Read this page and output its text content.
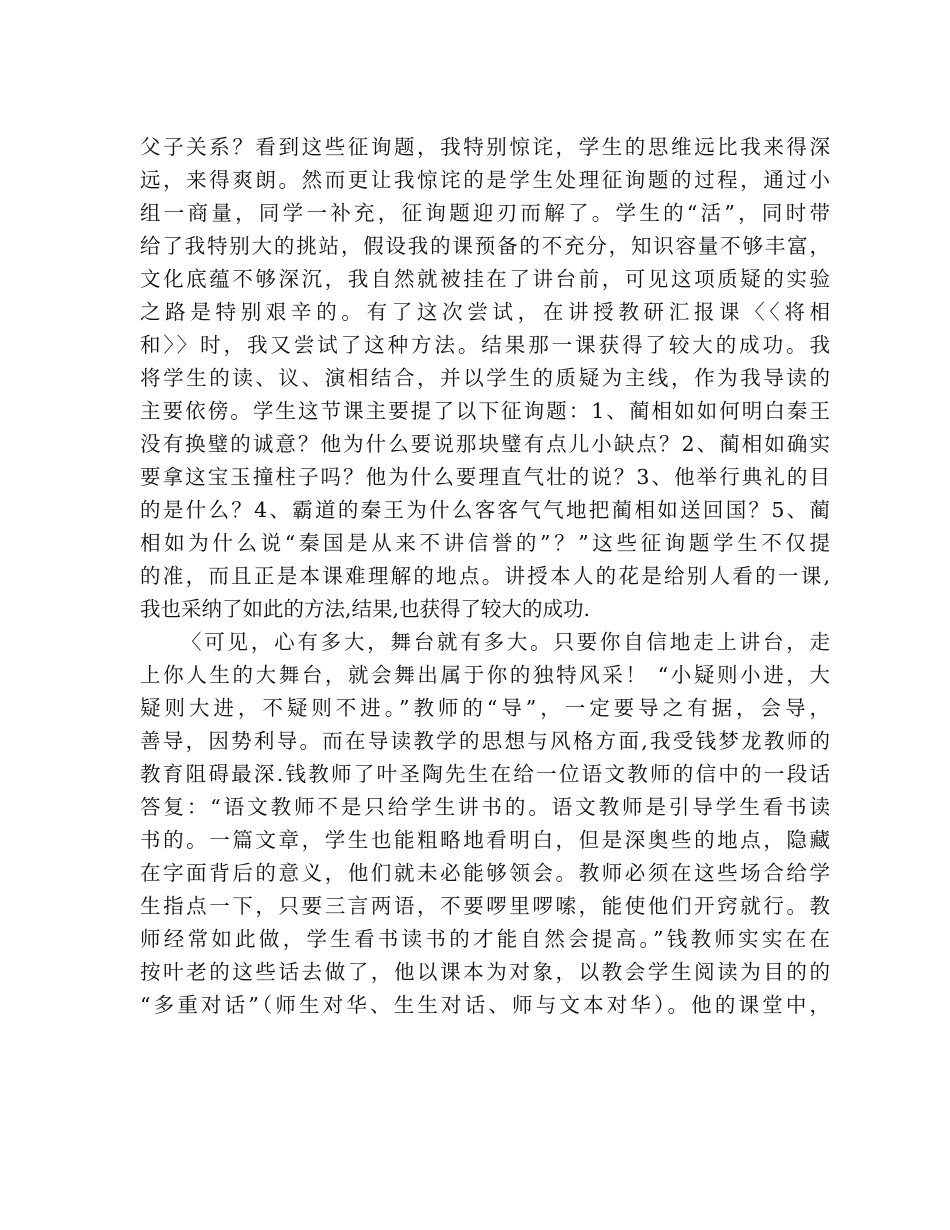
父子关系？看到这些征询题，我特别惊诧，学生的思维远比我来得深
远，来得爽朗。然而更让我惊诧的是学生处理征询题的过程，通过小
组一商量，同学一补充，征询题迎刃而解了。学生的“活”，同时带
给了我特别大的挑站，假设我的课预备的不充分，知识容量不够丰富，
文化底蕴不够深沉，我自然就被挂在了讲台前，可见这项质疑的实验
之路是特别艰辛的。有了这次尝试，在讲授教研汇报课〈〈将相
和〉〉时，我又尝试了这种方法。结果那一课获得了较大的成功。我
将学生的读、议、演相结合，并以学生的质疑为主线，作为我导读的
主要依傍。学生这节课主要提了以下征询题：1、蔺相如如何明白秦王
没有换璧的诚意？他为什么要说那块璧有点儿小缺点？2、蔺相如确实
要拿这宝玉撞柱子吗？他为什么要理直气壮的说？3、他举行典礼的目
的是什么？4、霸道的秦王为什么客客气气地把蔺相如送回国？5、蔺
相如为什么说“秦国是从来不讲信誉的”？”这些征询题学生不仅提
的准，而且正是本课难理解的地点。讲授本人的花是给别人看的一课,
我也采纳了如此的方法,结果,也获得了较大的成功.
〈可见，心有多大，舞台就有多大。只要你自信地走上讲台，走
上你人生的大舞台，就会舞出属于你的独特风采！ “小疑则小进，大
疑则大进，不疑则不进。”教师的“导”，一定要导之有据，会导，
善导，因势利导。而在导读教学的思想与风格方面,我受钱梦龙教师的
教育阻碍最深.钱教师了叶圣陶先生在给一位语文教师的信中的一段话
答复：“语文教师不是只给学生讲书的。语文教师是引导学生看书读
书的。一篇文章，学生也能粗略地看明白，但是深奥些的地点，隐藏
在字面背后的意义，他们就未必能够领会。教师必须在这些场合给学
生指点一下，只要三言两语，不要啰里啰嗦，能使他们开窍就行。教
师经常如此做，学生看书读书的才能自然会提高。”钱教师实实在在
按叶老的这些话去做了，他以课本为对象，以教会学生阅读为目的的
“多重对话”（师生对华、生生对话、师与文本对华）。他的课堂中，
